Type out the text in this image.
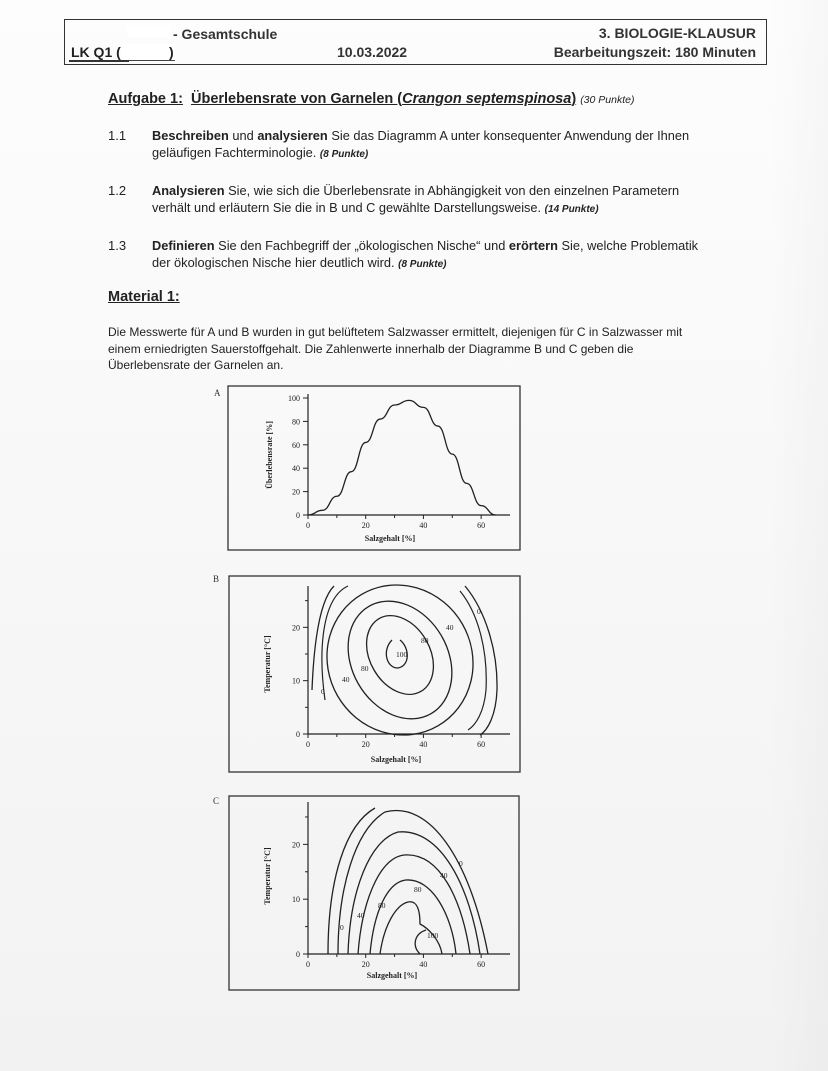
- Gesamtschule
LK Q1 (	)	10.03.2022
3. BIOLOGIE-KLAUSUR
Bearbeitungszeit: 180 Minuten
Aufgabe 1: Überlebensrate von Garnelen (Crangon septemspinosa) (30 Punkte)
1.1 Beschreiben und analysieren Sie das Diagramm A unter konsequenter Anwendung der Ihnen geläufigen Fachterminologie. (8 Punkte)
1.2 Analysieren Sie, wie sich die Überlebensrate in Abhängigkeit von den einzelnen Parametern verhält und erläutern Sie die in B und C gewählte Darstellungsweise. (14 Punkte)
1.3 Definieren Sie den Fachbegriff der „ökologischen Nische“ und erörtern Sie, welche Problematik der ökologischen Nische hier deutlich wird. (8 Punkte)
Material 1:
Die Messwerte für A und B wurden in gut belüftetem Salzwasser ermittelt, diejenigen für C in Salzwasser mit einem erniedrigten Sauerstoffgehalt. Die Zahlenwerte innerhalb der Diagramme B und C geben die Überlebensrate der Garnelen an.
A
0	20	40	60
0
20
40
60
80
100
Salzgehalt [%]
Überlebensrate [%]
B
100
80
80
40
40
0
0
0	20	40	60
0
10
20
Salzgehalt [%]
Temperatur [°C]
C
100
80
80
40
40
0
0
0	20	40	60
0
10
20
Salzgehalt [%]
Temperatur [°C]
